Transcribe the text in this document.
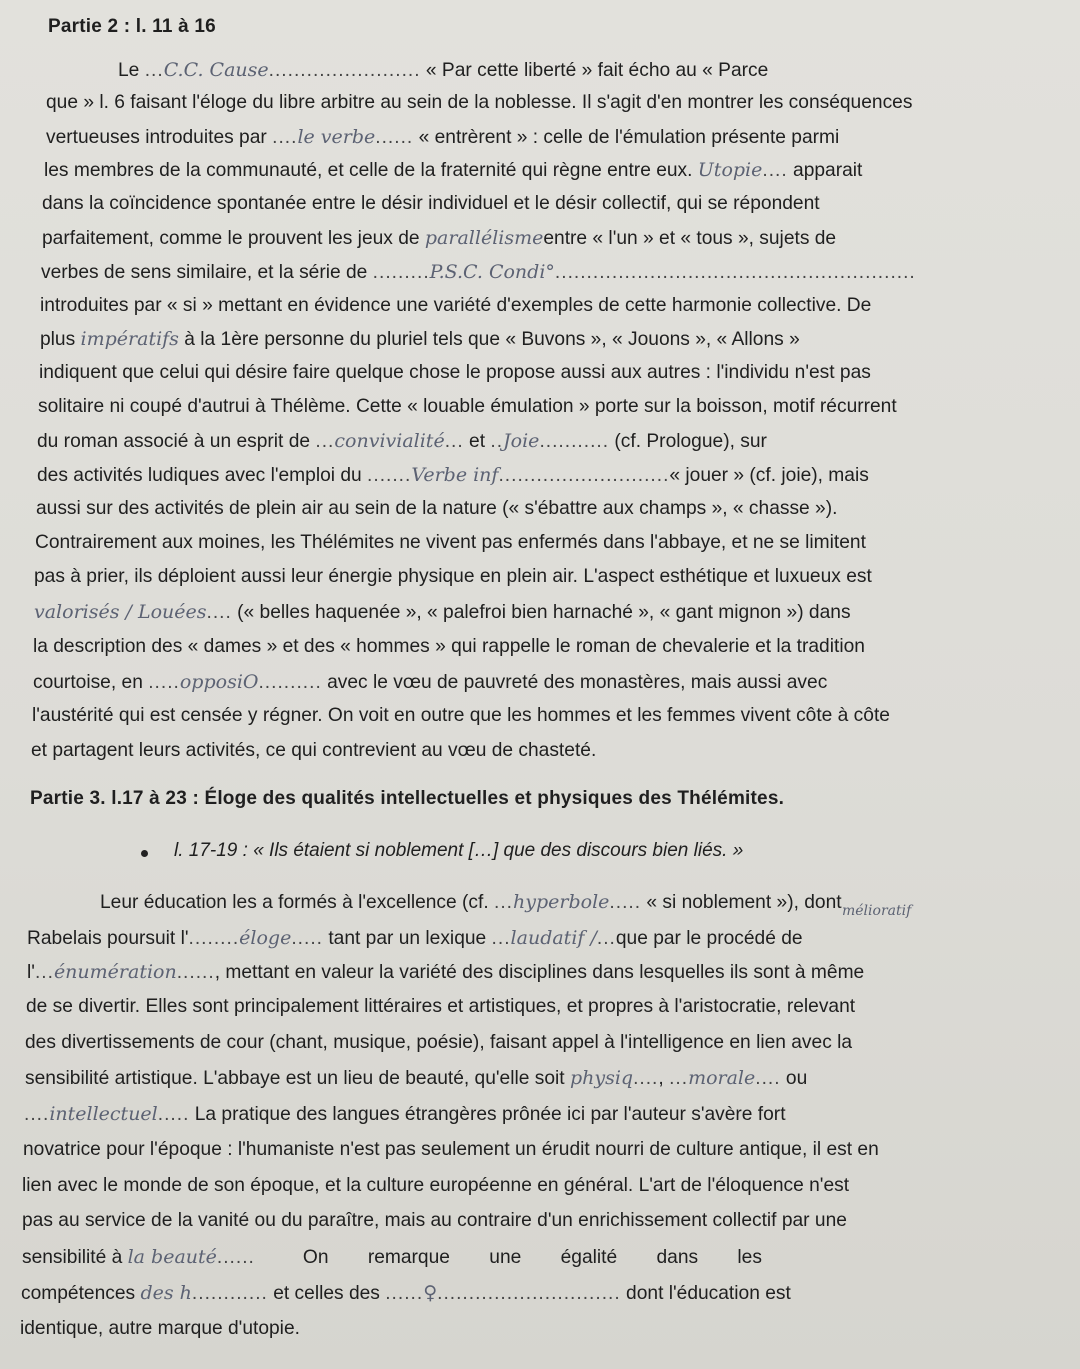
Partie 2 : l. 11 à 16
Le ...C.C. Cause........................ « Par cette liberté » fait écho au « Parce
que » l. 6 faisant l'éloge du libre arbitre au sein de la noblesse. Il s'agit d'en montrer les conséquences
vertueuses introduites par ....le verbe...... « entrèrent » : celle de l'émulation présente parmi
les membres de la communauté, et celle de la fraternité qui règne entre eux. Utopie.... apparait
dans la coïncidence spontanée entre le désir individuel et le désir collectif, qui se répondent
parfaitement, comme le prouvent les jeux de parallélismeentre « l'un » et « tous », sujets de
verbes de sens similaire, et la série de .........P.S.C. Condi°.........................................................
introduites par « si » mettant en évidence une variété d'exemples de cette harmonie collective. De
plus impératifs à la 1ère personne du pluriel tels que « Buvons », « Jouons », « Allons »
indiquent que celui qui désire faire quelque chose le propose aussi aux autres : l'individu n'est pas
solitaire ni coupé d'autrui à Thélème. Cette « louable émulation » porte sur la boisson, motif récurrent
du roman associé à un esprit de ...convivialité... et ..Joie........... (cf. Prologue), sur
des activités ludiques avec l'emploi du .......Verbe inf...........................« jouer » (cf. joie), mais
aussi sur des activités de plein air au sein de la nature (« s'ébattre aux champs », « chasse »).
Contrairement aux moines, les Thélémites ne vivent pas enfermés dans l'abbaye, et ne se limitent
pas à prier, ils déploient aussi leur énergie physique en plein air. L'aspect esthétique et luxueux est
valorisés / Louées.... (« belles haquenée », « palefroi bien harnaché », « gant mignon ») dans
la description des « dames » et des « hommes » qui rappelle le roman de chevalerie et la tradition
courtoise, en .....opposiO.......... avec le vœu de pauvreté des monastères, mais aussi avec
l'austérité qui est censée y régner. On voit en outre que les hommes et les femmes vivent côte à côte
et partagent leurs activités, ce qui contrevient au vœu de chasteté.
Partie 3. l.17 à 23 : Éloge des qualités intellectuelles et physiques des Thélémites.
l. 17-19 : « Ils étaient si noblement […] que des discours bien liés. »
Leur éducation les a formés à l'excellence (cf. ...hyperbole..... « si noblement »), dont mélioratif
Rabelais poursuit l'........éloge..... tant par un lexique ...laudatif /...que par le procédé de
l'...énumération......, mettant en valeur la variété des disciplines dans lesquelles ils sont à même
de se divertir. Elles sont principalement littéraires et artistiques, et propres à l'aristocratie, relevant
des divertissements de cour (chant, musique, poésie), faisant appel à l'intelligence en lien avec la
sensibilité artistique. L'abbaye est un lieu de beauté, qu'elle soit physiq...., ...morale.... ou
....intellectuel..... La pratique des langues étrangères prônée ici par l'auteur s'avère fort
novatrice pour l'époque : l'humaniste n'est pas seulement un érudit nourri de culture antique, il est en
lien avec le monde de son époque, et la culture européenne en général. L'art de l'éloquence n'est
pas au service de la vanité ou du paraître, mais au contraire d'un enrichissement collectif par une
sensibilité à la beauté......	On remarque une égalité dans les
compétences des h............ et celles des ......♀............................. dont l'éducation est
identique, autre marque d'utopie.
